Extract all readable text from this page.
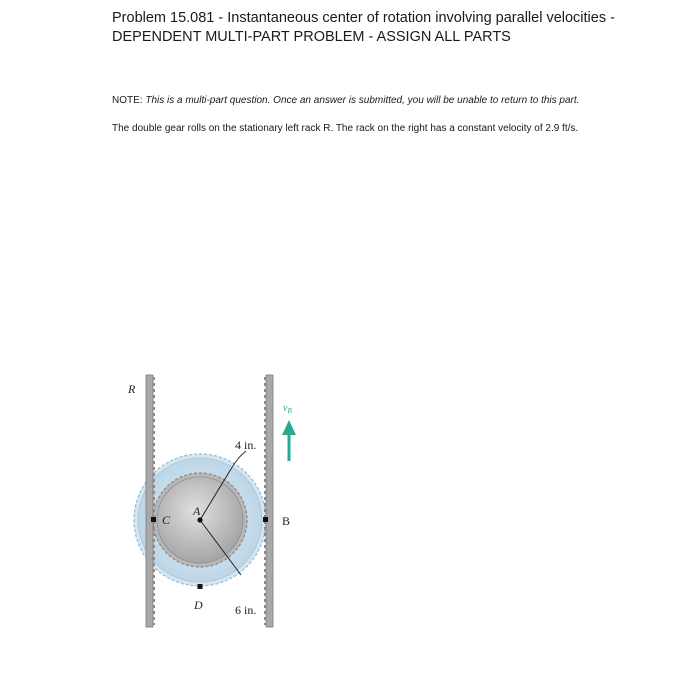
Problem 15.081 - Instantaneous center of rotation involving parallel velocities -
DEPENDENT MULTI-PART PROBLEM - ASSIGN ALL PARTS
NOTE: This is a multi-part question. Once an answer is submitted, you will be unable to return to this part.
The double gear rolls on the stationary left rack R. The rack on the right has a constant velocity of 2.9 ft/s.
R
A
C
D
B
4 in.
6 in.
$v_B$
